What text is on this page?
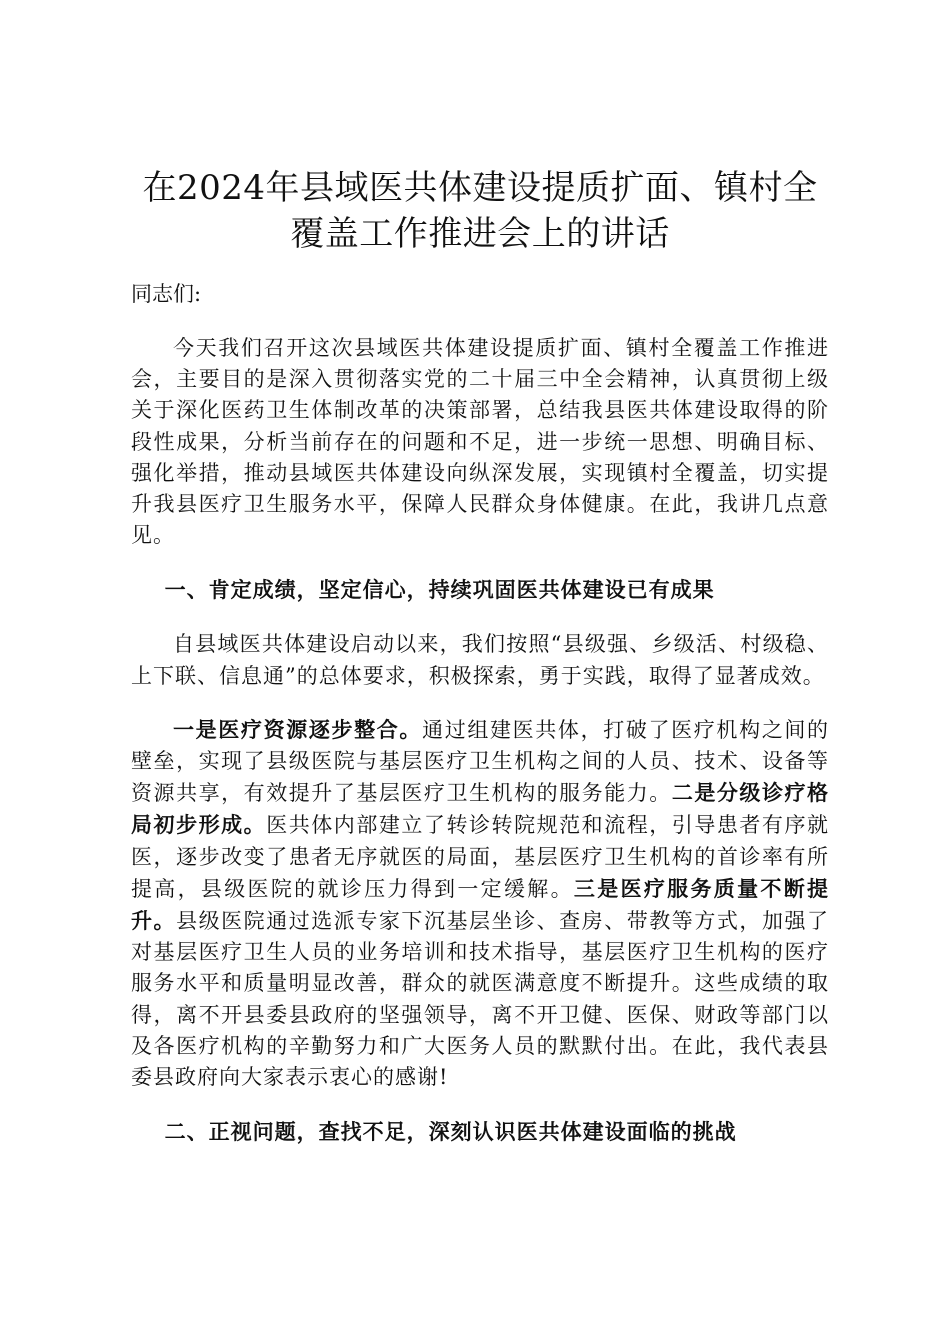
在2024年县域医共体建设提质扩面、镇村全
覆盖工作推进会上的讲话
同志们:

今天我们召开这次县域医共体建设提质扩面、镇村全覆盖工作推进会，主要目的是深入贯彻落实党的二十届三中全会精神，认真贯彻上级关于深化医药卫生体制改革的决策部署，总结我县医共体建设取得的阶段性成果，分析当前存在的问题和不足，进一步统一思想、明确目标、强化举措，推动县域医共体建设向纵深发展，实现镇村全覆盖，切实提升我县医疗卫生服务水平，保障人民群众身体健康。在此，我讲几点意见。

一、肯定成绩，坚定信心，持续巩固医共体建设已有成果

自县域医共体建设启动以来，我们按照“县级强、乡级活、村级稳、上下联、信息通”的总体要求，积极探索，勇于实践，取得了显著成效。

一是医疗资源逐步整合。通过组建医共体，打破了医疗机构之间的壁垒，实现了县级医院与基层医疗卫生机构之间的人员、技术、设备等资源共享，有效提升了基层医疗卫生机构的服务能力。二是分级诊疗格局初步形成。医共体内部建立了转诊转院规范和流程，引导患者有序就医，逐步改变了患者无序就医的局面，基层医疗卫生机构的首诊率有所提高，县级医院的就诊压力得到一定缓解。三是医疗服务质量不断提升。县级医院通过选派专家下沉基层坐诊、查房、带教等方式，加强了对基层医疗卫生人员的业务培训和技术指导，基层医疗卫生机构的医疗服务水平和质量明显改善，群众的就医满意度不断提升。这些成绩的取得，离不开县委县政府的坚强领导，离不开卫健、医保、财政等部门以及各医疗机构的辛勤努力和广大医务人员的默默付出。在此，我代表县委县政府向大家表示衷心的感谢!

二、正视问题，查找不足，深刻认识医共体建设面临的挑战
